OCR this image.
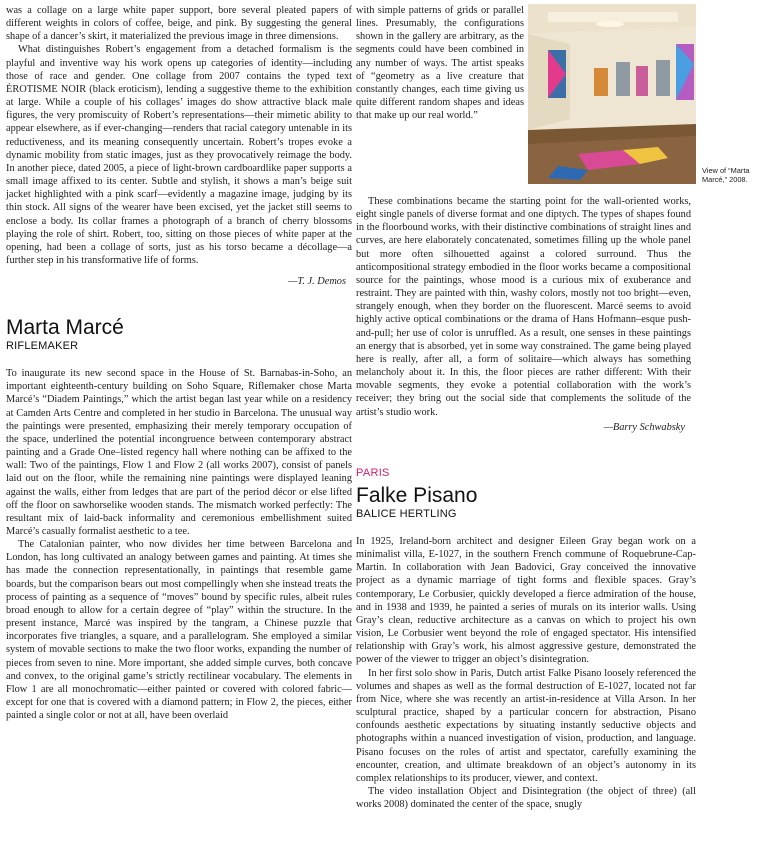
was a collage on a large white paper support, bore several pleated papers of different weights in colors of coffee, beige, and pink. By suggesting the general shape of a dancer’s skirt, it materialized the previous image in three dimensions.

What distinguishes Robert’s engagement from a detached formalism is the playful and inventive way his work opens up categories of identity—including those of race and gender. One collage from 2007 contains the typed text ÉROTISME NOIR (black eroticism), lending a suggestive theme to the exhibition at large. While a couple of his collages’ images do show attractive black male figures, the very promiscuity of Robert’s representations—their mimetic ability to appear elsewhere, as if ever-changing—renders that racial category untenable in its reductiveness, and its meaning consequently uncertain. Robert’s tropes evoke a dynamic mobility from static images, just as they provocatively reimage the body. In another piece, dated 2005, a piece of light-brown cardboardlike paper supports a small image affixed to its center. Subtle and stylish, it shows a man’s beige suit jacket highlighted with a pink scarf—evidently a magazine image, judging by its thin stock. All signs of the wearer have been excised, yet the jacket still seems to enclose a body. Its collar frames a photograph of a branch of cherry blossoms playing the role of shirt. Robert, too, sitting on those pieces of white paper at the opening, had been a collage of sorts, just as his torso became a décollage—a further step in his transformative life of forms.

—T. J. Demos
Marta Marcé
RIFLEMAKER

To inaugurate its new second space in the House of St. Barnabas-in-Soho, an important eighteenth-century building on Soho Square, Riflemaker chose Marta Marcé’s “Diadem Paintings,” which the artist began last year while on a residency at Camden Arts Centre and completed in her studio in Barcelona. The unusual way the paintings were presented, emphasizing their merely temporary occupation of the space, underlined the potential incongruence between contemporary abstract painting and a Grade One–listed regency hall where nothing can be affixed to the wall: Two of the paintings, Flow 1 and Flow 2 (all works 2007), consist of panels laid out on the floor, while the remaining nine paintings were displayed leaning against the walls, either from ledges that are part of the period décor or else lifted off the floor on sawhorselike wooden stands. The mismatch worked perfectly: The resultant mix of laid-back informality and ceremonious embellishment suited Marcé’s casually formalist aesthetic to a tee.

The Catalonian painter, who now divides her time between Barcelona and London, has long cultivated an analogy between games and painting. At times she has made the connection representationally, in paintings that resemble game boards, but the comparison bears out most compellingly when she instead treats the process of painting as a sequence of “moves” bound by specific rules, albeit rules broad enough to allow for a certain degree of “play” within the structure. In the present instance, Marcé was inspired by the tangram, a Chinese puzzle that incorporates five triangles, a square, and a parallelogram. She employed a similar system of movable sections to make the two floor works, expanding the number of pieces from seven to nine. More important, she added simple curves, both concave and convex, to the original game’s strictly rectilinear vocabulary. The elements in Flow 1 are all monochromatic—either painted or covered with colored fabric—except for one that is covered with a diamond pattern; in Flow 2, the pieces, either painted a single color or not at all, have been overlaid

with simple patterns of grids or parallel lines. Presumably, the configurations shown in the gallery are arbitrary, as the segments could have been combined in any number of ways. The artist speaks of “geometry as a live creature that constantly changes, each time giving us quite different random shapes and ideas that make up our real world.”

View of “Marta Marcé,” 2008.

These combinations became the starting point for the wall-oriented works, eight single panels of diverse format and one diptych. The types of shapes found in the floorbound works, with their distinctive combinations of straight lines and curves, are here elaborately concatenated, sometimes filling up the whole panel but more often silhouetted against a colored surround. Thus the anticompositional strategy embodied in the floor works became a compositional source for the paintings, whose mood is a curious mix of exuberance and restraint. They are painted with thin, washy colors, mostly not too bright—even, strangely enough, when they border on the fluorescent. Marcé seems to avoid highly active optical combinations or the drama of Hans Hofmann–esque push-and-pull; her use of color is unruffled. As a result, one senses in these paintings an energy that is absorbed, yet in some way constrained. The game being played here is really, after all, a form of solitaire—which always has something melancholy about it. In this, the floor pieces are rather different: With their movable segments, they evoke a potential collaboration with the work’s receiver; they bring out the social side that complements the solitude of the artist’s studio work.

—Barry Schwabsky
PARIS
Falke Pisano
BALICE HERTLING

In 1925, Ireland-born architect and designer Eileen Gray began work on a minimalist villa, E-1027, in the southern French commune of Roquebrune-Cap-Martin. In collaboration with Jean Badovici, Gray conceived the innovative project as a dynamic marriage of tight forms and flexible spaces. Gray’s contemporary, Le Corbusier, quickly developed a fierce admiration of the house, and in 1938 and 1939, he painted a series of murals on its interior walls. Using Gray’s clean, reductive architecture as a canvas on which to project his own vision, Le Corbusier went beyond the role of engaged spectator. His intensified relationship with Gray’s work, his almost aggressive gesture, demonstrated the power of the viewer to trigger an object’s disintegration.

In her first solo show in Paris, Dutch artist Falke Pisano loosely referenced the volumes and shapes as well as the formal destruction of E-1027, located not far from Nice, where she was recently an artist-in-residence at Villa Arson. In her sculptural practice, shaped by a particular concern for abstraction, Pisano confounds aesthetic expectations by situating instantly seductive objects and photographs within a nuanced investigation of vision, production, and language. Pisano focuses on the roles of artist and spectator, carefully examining the encounter, creation, and ultimate breakdown of an object’s autonomy in its complex relationships to its producer, viewer, and context.

The video installation Object and Disintegration (the object of three) (all works 2008) dominated the center of the space, snugly
